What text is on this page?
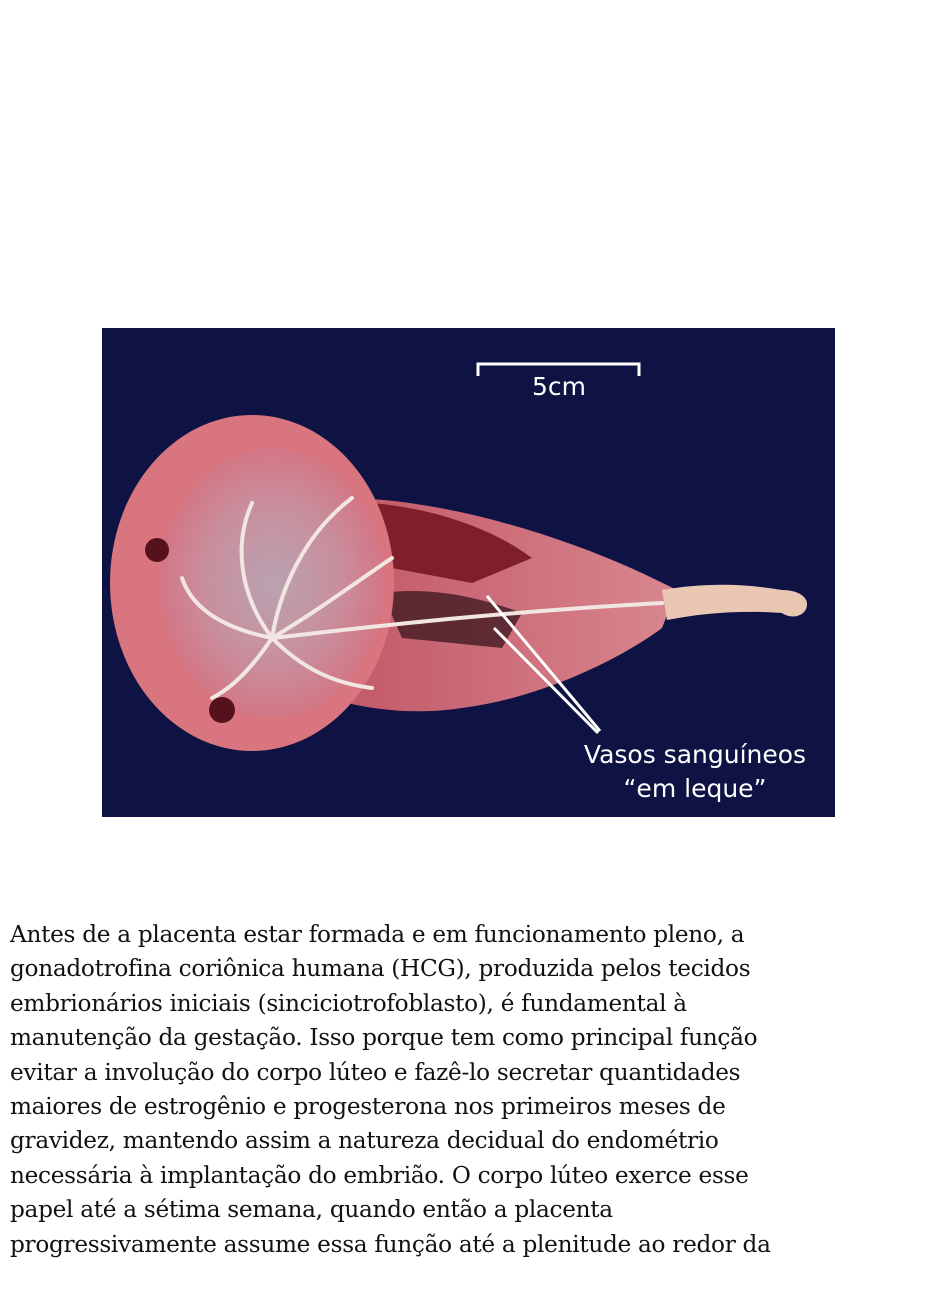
5cm
Vasos sanguíneos
“em leque”
Antes de a placenta estar formada e em funcionamento pleno, a
gonadotrofina coriônica humana (HCG), produzida pelos tecidos
embrionários iniciais (sinciciotrofoblasto), é fundamental à
manutenção da gestação. Isso porque tem como principal função
evitar a involução do corpo lúteo e fazê-lo secretar quantidades
maiores de estrogênio e progesterona nos primeiros meses de
gravidez, mantendo assim a natureza decidual do endométrio
necessária à implantação do embrião. O corpo lúteo exerce esse
papel até a sétima semana, quando então a placenta
progressivamente assume essa função até a plenitude ao redor da
